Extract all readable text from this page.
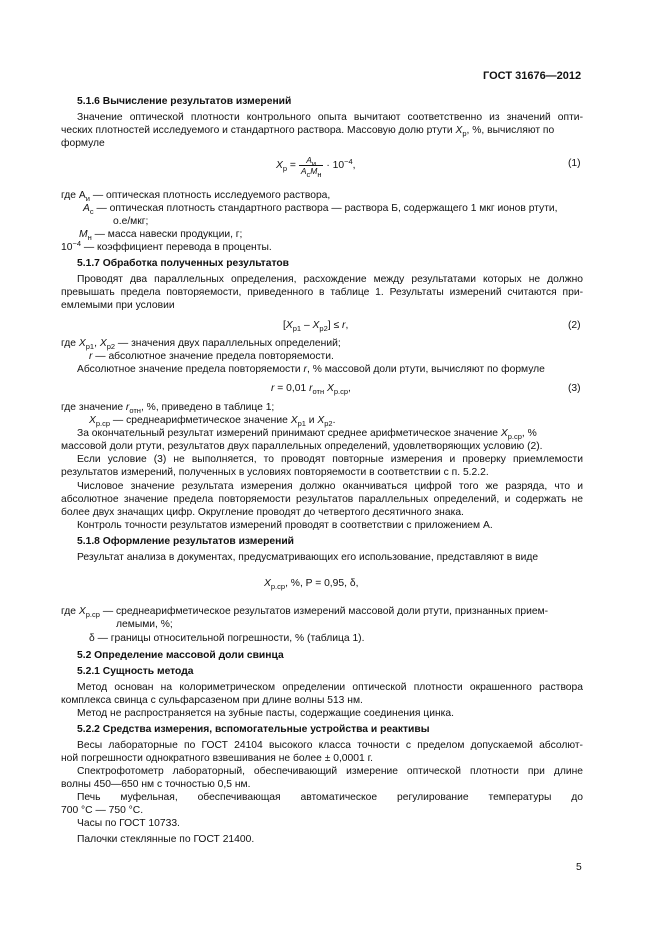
ГОСТ 31676—2012
5.1.6 Вычисление результатов измерений
Значение оптической плотности контрольного опыта вычитают соответственно из значений опти-
ческих плотностей исследуемого и стандартного раствора. Массовую долю ртути $X_р$, %, вычисляют по
формуле
$X_р = \frac{A_и}{A_сM_н} \cdot 10^{-4}$,	(1)
где $A_и$ — оптическая плотность исследуемого раствора,
$A_с$ — оптическая плотность стандартного раствора — раствора Б, содержащего 1 мкг ионов ртути,
о.е/мкг;
$M_н$ — масса навески продукции, г;
$10^{-4}$ — коэффициент перевода в проценты.
5.1.7 Обработка полученных результатов
Проводят два параллельных определения, расхождение между результатами которых не должно
превышать предела повторяемости, приведенного в таблице 1. Результаты измерений считаются при-
емлемыми при условии
$[X_{р1} - X_{р2}] \le r$,	(2)
где $X_{р1}$, $X_{р2}$ — значения двух параллельных определений;
r — абсолютное значение предела повторяемости.
Абсолютное значение предела повторяемости r, % массовой доли ртути, вычисляют по формуле
r = 0,01 $r_{отн}$ $X_{р.ср}$,	(3)
где значение $r_{отн}$, %, приведено в таблице 1;
$X_{р.ср}$ — среднеарифметическое значение $X_{р1}$ и $X_{р2}$.
За окончательный результат измерений принимают среднее арифметическое значение $X_{р.ср}$, %
массовой доли ртути, результатов двух параллельных определений, удовлетворяющих условию (2).
Если условие (3) не выполняется, то проводят повторные измерения и проверку приемлемости
результатов измерений, полученных в условиях повторяемости в соответствии с п. 5.2.2.
Числовое значение результата измерения должно оканчиваться цифрой того же разряда, что и
абсолютное значение предела повторяемости результатов параллельных определений, и содержать не
более двух значащих цифр. Округление проводят до четвертого десятичного знака.
Контроль точности результатов измерений проводят в соответствии с приложением А.
5.1.8 Оформление результатов измерений
Результат анализа в документах, предусматривающих его использование, представляют в виде
$X_{р.ср}$, %, P = 0,95, δ,
где $X_{р.ср}$ — среднеарифметическое результатов измерений массовой доли ртути, признанных прием-
лемыми, %;
δ — границы относительной погрешности, % (таблица 1).
5.2 Определение массовой доли свинца
5.2.1 Сущность метода
Метод основан на колориметрическом определении оптической плотности окрашенного раствора
комплекса свинца с сульфарсазеном при длине волны 513 нм.
Метод не распространяется на зубные пасты, содержащие соединения цинка.
5.2.2 Средства измерения, вспомогательные устройства и реактивы
Весы лабораторные по ГОСТ 24104 высокого класса точности с пределом допускаемой абсолют-
ной погрешности однократного взвешивания не более ± 0,0001 г.
Спектрофотометр лабораторный, обеспечивающий измерение оптической плотности при длине
волны 450—650 нм с точностью 0,5 нм.
Печь муфельная, обеспечивающая автоматическое регулирование температуры до
700 °С — 750 °С.
Часы по ГОСТ 10733.
Палочки стеклянные по ГОСТ 21400.
5
